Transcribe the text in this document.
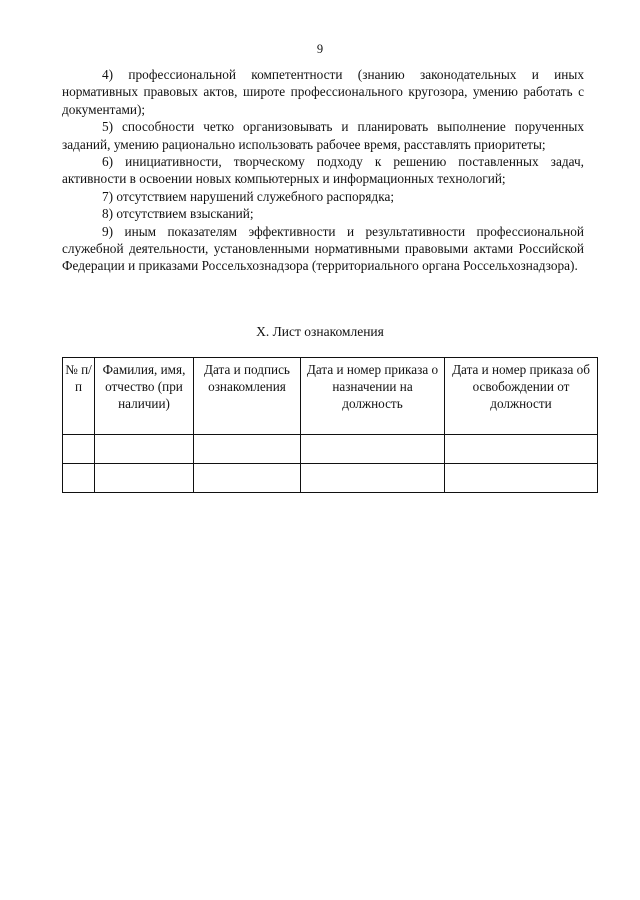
9

4) профессиональной компетентности (знанию законодательных и иных нормативных правовых актов, широте профессионального кругозора, умению работать с документами);

5) способности четко организовывать и планировать выполнение порученных заданий, умению рационально использовать рабочее время, расставлять приоритеты;

6) инициативности, творческому подходу к решению поставленных задач, активности в освоении новых компьютерных и информационных технологий;

7) отсутствием нарушений служебного распорядка;

8) отсутствием взысканий;

9) иным показателям эффективности и результативности профессиональной служебной деятельности, установленными нормативными правовыми актами Российской Федерации и приказами Россельхознадзора (территориального органа Россельхознадзора).

X. Лист ознакомления
№ п/п	Фамилия, имя, отчество (при наличии)	Дата и подпись ознакомления	Дата и номер приказа о назначении на должность	Дата и номер приказа об освобождении от должности
